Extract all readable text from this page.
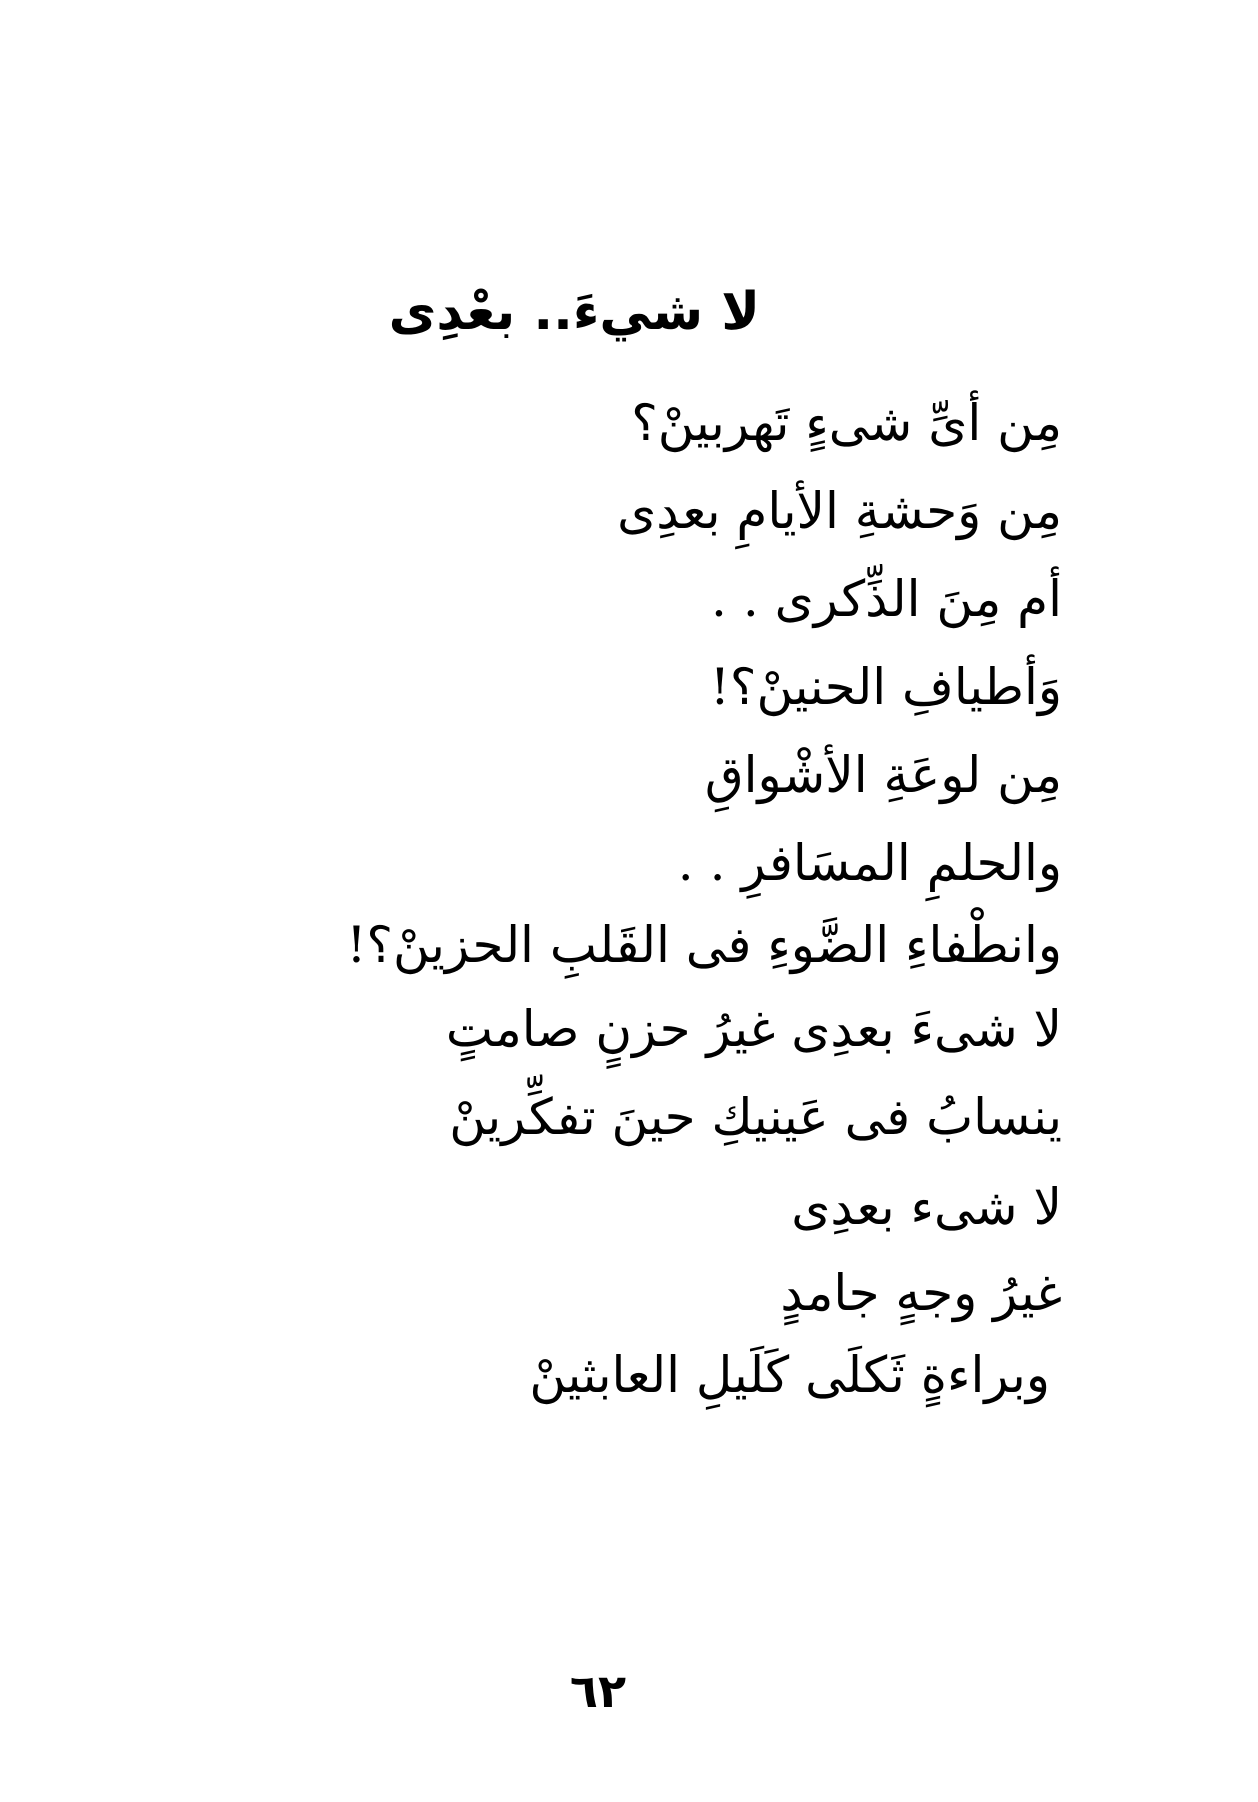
لا شيءَ.. بعْدِى
مِن أىِّ شىءٍ تَهربينْ؟
مِن وَحشةِ الأيامِ بعدِى
أم مِنَ الذِّكرى . .
وَأطيافِ الحنينْ؟!
مِن لوعَةِ الأشْواقِ
والحلمِ المسَافرِ . .
وانطْفاءِ الضَّوءِ فى القَلبِ الحزينْ؟!
لا شىءَ بعدِى غيرُ حزنٍ صامتٍ
ينسابُ فى عَينيكِ حينَ تفكِّرينْ
لا شىء بعدِى
غيرُ وجهٍ جامدٍ
وبراءةٍ ثَكلَى كَلَيلِ العابثينْ
٦٢
